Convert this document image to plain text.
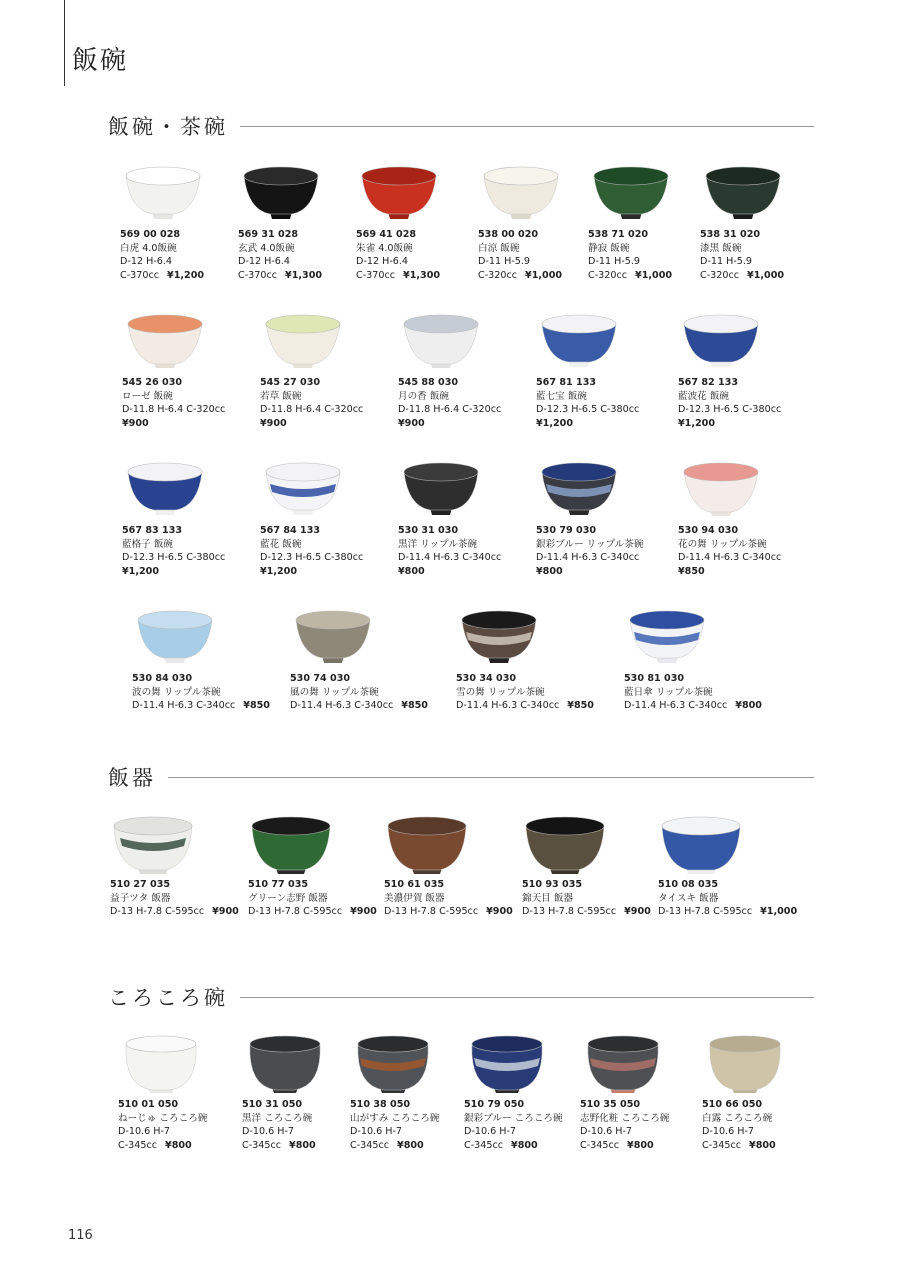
飯碗
飯碗・茶碗
飯器
ころころ碗
569 00 028
白虎 4.0飯碗
D-12 H-6.4
C-370cc ¥1,200
569 31 028
玄武 4.0飯碗
D-12 H-6.4
C-370cc ¥1,300
569 41 028
朱雀 4.0飯碗
D-12 H-6.4
C-370cc ¥1,300
538 00 020
白涼 飯碗
D-11 H-5.9
C-320cc ¥1,000
538 71 020
静寂 飯碗
D-11 H-5.9
C-320cc ¥1,000
538 31 020
漆黒 飯碗
D-11 H-5.9
C-320cc ¥1,000
545 26 030
ローゼ 飯碗
D-11.8 H-6.4 C-320cc
¥900
545 27 030
若草 飯碗
D-11.8 H-6.4 C-320cc
¥900
545 88 030
月の香 飯碗
D-11.8 H-6.4 C-320cc
¥900
567 81 133
藍七宝 飯碗
D-12.3 H-6.5 C-380cc
¥1,200
567 82 133
藍波花 飯碗
D-12.3 H-6.5 C-380cc
¥1,200
567 83 133
藍格子 飯碗
D-12.3 H-6.5 C-380cc
¥1,200
567 84 133
藍花 飯碗
D-12.3 H-6.5 C-380cc
¥1,200
530 31 030
黒洋 リップル茶碗
D-11.4 H-6.3 C-340cc
¥800
530 79 030
銀彩ブルー リップル茶碗
D-11.4 H-6.3 C-340cc
¥800
530 94 030
花の舞 リップル茶碗
D-11.4 H-6.3 C-340cc
¥850
530 84 030
波の舞 リップル茶碗
D-11.4 H-6.3 C-340cc ¥850
530 74 030
風の舞 リップル茶碗
D-11.4 H-6.3 C-340cc ¥850
530 34 030
雪の舞 リップル茶碗
D-11.4 H-6.3 C-340cc ¥850
530 81 030
藍日傘 リップル茶碗
D-11.4 H-6.3 C-340cc ¥800
510 27 035
益子ツタ 飯器
D-13 H-7.8 C-595cc ¥900
510 77 035
グリーン志野 飯器
D-13 H-7.8 C-595cc ¥900
510 61 035
美濃伊賀 飯器
D-13 H-7.8 C-595cc ¥900
510 93 035
錦天目 飯器
D-13 H-7.8 C-595cc ¥900
510 08 035
タイスキ 飯器
D-13 H-7.8 C-595cc ¥1,000
510 01 050
ねーじゅ ころころ碗
D-10.6 H-7
C-345cc ¥800
510 31 050
黒洋 ころころ碗
D-10.6 H-7
C-345cc ¥800
510 38 050
山がすみ ころころ碗
D-10.6 H-7
C-345cc ¥800
510 79 050
銀彩ブルー ころころ碗
D-10.6 H-7
C-345cc ¥800
510 35 050
志野化粧 ころころ碗
D-10.6 H-7
C-345cc ¥800
510 66 050
白露 ころころ碗
D-10.6 H-7
C-345cc ¥800
116
